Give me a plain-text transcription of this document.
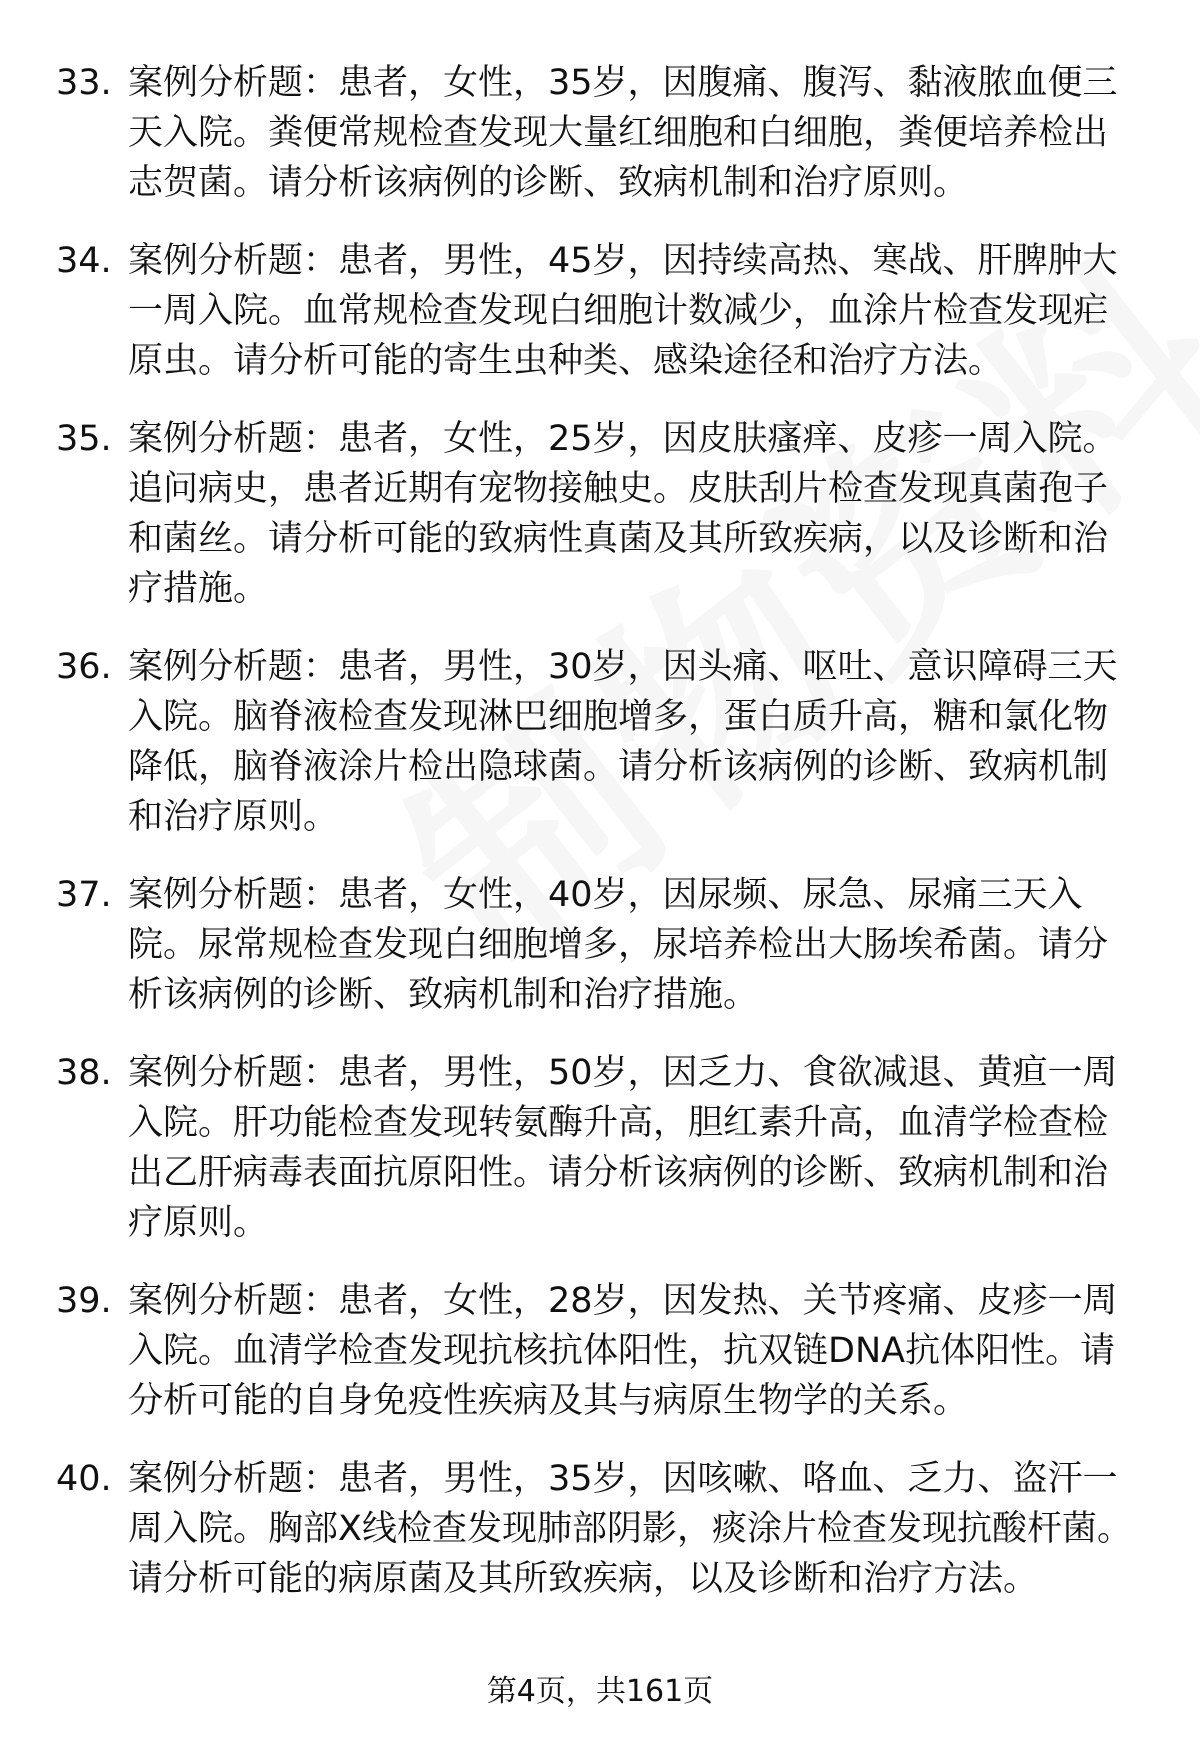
33. 案例分析题：患者，女性，35岁，因腹痛、腹泻、黏液脓血便三天入院。粪便常规检查发现大量红细胞和白细胞，粪便培养检出志贺菌。请分析该病例的诊断、致病机制和治疗原则。
34. 案例分析题：患者，男性，45岁，因持续高热、寒战、肝脾肿大一周入院。血常规检查发现白细胞计数减少，血涂片检查发现疟原虫。请分析可能的寄生虫种类、感染途径和治疗方法。
35. 案例分析题：患者，女性，25岁，因皮肤瘙痒、皮疹一周入院。追问病史，患者近期有宠物接触史。皮肤刮片检查发现真菌孢子和菌丝。请分析可能的致病性真菌及其所致疾病，以及诊断和治疗措施。
36. 案例分析题：患者，男性，30岁，因头痛、呕吐、意识障碍三天入院。脑脊液检查发现淋巴细胞增多，蛋白质升高，糖和氯化物降低，脑脊液涂片检出隐球菌。请分析该病例的诊断、致病机制和治疗原则。
37. 案例分析题：患者，女性，40岁，因尿频、尿急、尿痛三天入院。尿常规检查发现白细胞增多，尿培养检出大肠埃希菌。请分析该病例的诊断、致病机制和治疗措施。
38. 案例分析题：患者，男性，50岁，因乏力、食欲减退、黄疸一周入院。肝功能检查发现转氨酶升高，胆红素升高，血清学检查检出乙肝病毒表面抗原阳性。请分析该病例的诊断、致病机制和治疗原则。
39. 案例分析题：患者，女性，28岁，因发热、关节疼痛、皮疹一周入院。血清学检查发现抗核抗体阳性，抗双链DNA抗体阳性。请分析可能的自身免疫性疾病及其与病原生物学的关系。
40. 案例分析题：患者，男性，35岁，因咳嗽、咯血、乏力、盗汗一周入院。胸部X线检查发现肺部阴影，痰涂片检查发现抗酸杆菌。请分析可能的病原菌及其所致疾病，以及诊断和治疗方法。
第4页，共161页
